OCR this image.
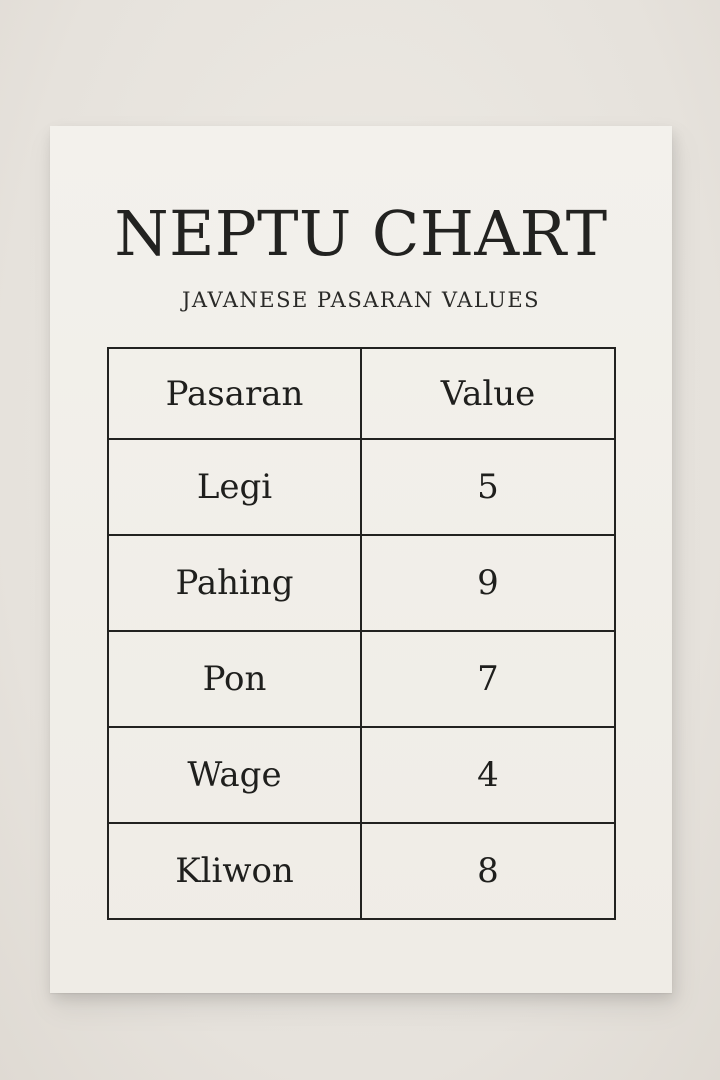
NEPTU CHART
JAVANESE PASARAN VALUES
Pasaran	Value
Legi	5
Pahing	9
Pon	7
Wage	4
Kliwon	8
